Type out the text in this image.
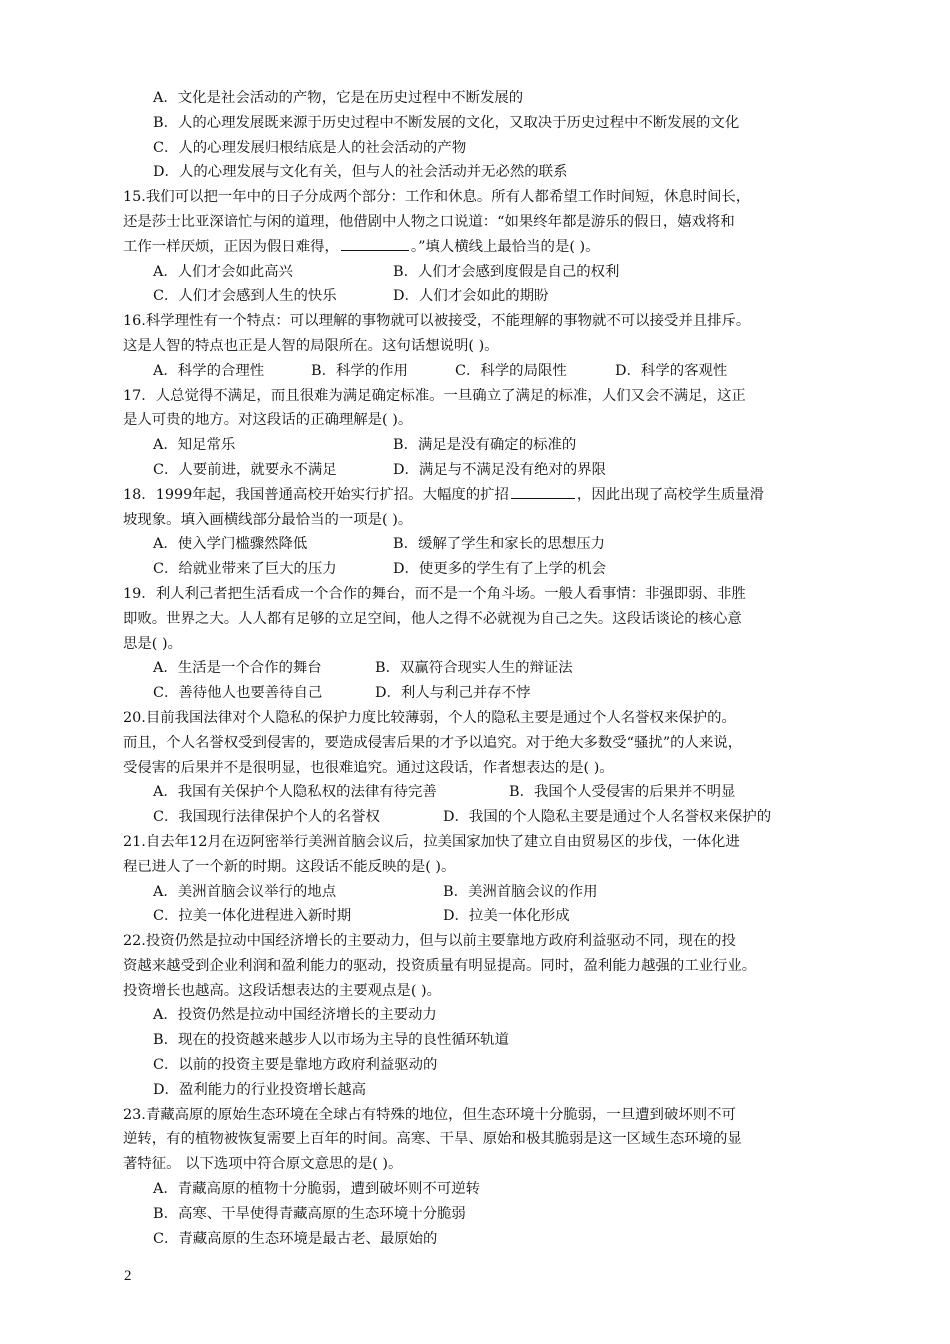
A．文化是社会活动的产物，它是在历史过程中不断发展的
B．人的心理发展既来源于历史过程中不断发展的文化，又取决于历史过程中不断发展的文化
C．人的心理发展归根结底是人的社会活动的产物
D．人的心理发展与文化有关，但与人的社会活动并无必然的联系
15.我们可以把一年中的日子分成两个部分：工作和休息。所有人都希望工作时间短，休息时间长，
还是莎士比亚深谙忙与闲的道理，他借剧中人物之口说道：“如果终年都是游乐的假日，嬉戏将和
工作一样厌烦，正因为假日难得，	。”填人横线上最恰当的是( )。
A．人们才会如此高兴	B．人们才会感到度假是自己的权利
C．人们才会感到人生的快乐	D．人们才会如此的期盼
16.科学理性有一个特点：可以理解的事物就可以被接受，不能理解的事物就不可以接受并且排斥。
这是人智的特点也正是人智的局限所在。这句话想说明( )。
A．科学的合理性	B．科学的作用	C．科学的局限性	D．科学的客观性
17．人总觉得不满足，而且很难为满足确定标准。一旦确立了满足的标准，人们又会不满足，这正
是人可贵的地方。对这段话的正确理解是( )。
A．知足常乐	B．满足是没有确定的标准的
C．人要前进，就要永不满足	D．满足与不满足没有绝对的界限
18．1999年起，我国普通高校开始实行扩招。大幅度的扩招	，因此出现了高校学生质量滑
坡现象。填入画横线部分最恰当的一项是( )。
A．使入学门槛骤然降低	B．缓解了学生和家长的思想压力
C．给就业带来了巨大的压力	D．使更多的学生有了上学的机会
19．利人利己者把生活看成一个合作的舞台，而不是一个角斗场。一般人看事情：非强即弱、非胜
即败。世界之大。人人都有足够的立足空间，他人之得不必就视为自己之失。这段话谈论的核心意
思是( )。
A．生活是一个合作的舞台	B．双赢符合现实人生的辩证法
C．善待他人也要善待自己	D．利人与利己并存不悖
20.目前我国法律对个人隐私的保护力度比较薄弱，个人的隐私主要是通过个人名誉权来保护的。
而且，个人名誉权受到侵害的，要造成侵害后果的才予以追究。对于绝大多数受“骚扰”的人来说，
受侵害的后果并不是很明显，也很难追究。通过这段话，作者想表达的是( )。
A．我国有关保护个人隐私权的法律有待完善	B．我国个人受侵害的后果并不明显
C．我国现行法律保护个人的名誉权	D．我国的个人隐私主要是通过个人名誉权来保护的
21.自去年12月在迈阿密举行美洲首脑会议后，拉美国家加快了建立自由贸易区的步伐，一体化进
程已进人了一个新的时期。这段话不能反映的是( )。
A．美洲首脑会议举行的地点	B．美洲首脑会议的作用
C．拉美一体化进程进入新时期	D．拉美一体化形成
22.投资仍然是拉动中国经济增长的主要动力，但与以前主要靠地方政府利益驱动不同，现在的投
资越来越受到企业利润和盈利能力的驱动，投资质量有明显提高。同时，盈利能力越强的工业行业。
投资增长也越高。这段话想表达的主要观点是( )。
A．投资仍然是拉动中国经济增长的主要动力
B．现在的投资越来越步人以市场为主导的良性循环轨道
C．以前的投资主要是靠地方政府利益驱动的
D．盈利能力的行业投资增长越高
23.青藏高原的原始生态环境在全球占有特殊的地位，但生态环境十分脆弱，一旦遭到破坏则不可
逆转，有的植物被恢复需要上百年的时间。高寒、干旱、原始和极其脆弱是这一区域生态环境的显
著特征。 以下选项中符合原文意思的是( )。
A．青藏高原的植物十分脆弱，遭到破坏则不可逆转
B．高寒、干旱使得青藏高原的生态环境十分脆弱
C．青藏高原的生态环境是最古老、最原始的
2
